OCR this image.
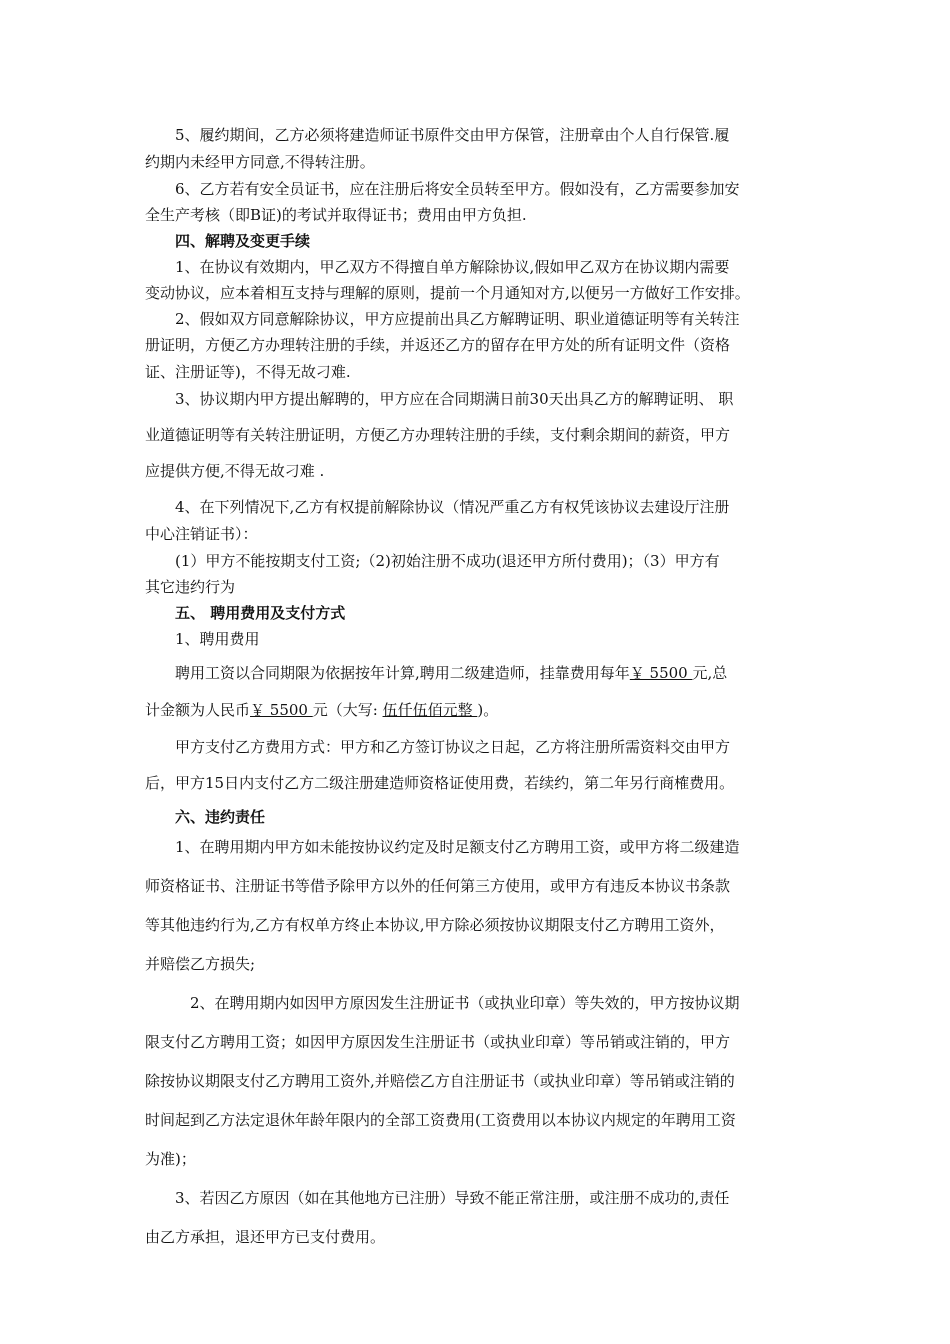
5、履约期间，乙方必须将建造师证书原件交由甲方保管，注册章由个人自行保管.履
约期内未经甲方同意,不得转注册。
6、乙方若有安全员证书，应在注册后将安全员转至甲方。假如没有，乙方需要参加安
全生产考核（即B证)的考试并取得证书；费用由甲方负担.
四、解聘及变更手续
1、在协议有效期内，甲乙双方不得擅自单方解除协议,假如甲乙双方在协议期内需要
变动协议，应本着相互支持与理解的原则，提前一个月通知对方,以便另一方做好工作安排。
2、假如双方同意解除协议，甲方应提前出具乙方解聘证明、职业道德证明等有关转注
册证明，方便乙方办理转注册的手续，并返还乙方的留存在甲方处的所有证明文件（资格
证、注册证等)，不得无故刁难.
3、协议期内甲方提出解聘的，甲方应在合同期满日前30天出具乙方的解聘证明、 职
业道德证明等有关转注册证明，方便乙方办理转注册的手续，支付剩余期间的薪资，甲方
应提供方便,不得无故刁难 .
4、在下列情况下,乙方有权提前解除协议（情况严重乙方有权凭该协议去建设厅注册
中心注销证书）：
(1）甲方不能按期支付工资;（2)初始注册不成功(退还甲方所付费用)；（3）甲方有
其它违约行为
五、 聘用费用及支付方式
1、聘用费用
聘用工资以合同期限为依据按年计算,聘用二级建造师，挂靠费用每年￥ 5500 元,总
计金额为人民币￥ 5500 元（大写: 伍仟伍佰元整 )。
甲方支付乙方费用方式：甲方和乙方签订协议之日起，乙方将注册所需资料交由甲方
后，甲方15日内支付乙方二级注册建造师资格证使用费，若续约，第二年另行商榷费用。
六、违约责任
1、在聘用期内甲方如未能按协议约定及时足额支付乙方聘用工资，或甲方将二级建造
师资格证书、注册证书等借予除甲方以外的任何第三方使用，或甲方有违反本协议书条款
等其他违约行为,乙方有权单方终止本协议,甲方除必须按协议期限支付乙方聘用工资外，
并赔偿乙方损失;
2、在聘用期内如因甲方原因发生注册证书（或执业印章）等失效的，甲方按协议期
限支付乙方聘用工资；如因甲方原因发生注册证书（或执业印章）等吊销或注销的，甲方
除按协议期限支付乙方聘用工资外,并赔偿乙方自注册证书（或执业印章）等吊销或注销的
时间起到乙方法定退休年龄年限内的全部工资费用(工资费用以本协议内规定的年聘用工资
为准)；
3、若因乙方原因（如在其他地方已注册）导致不能正常注册，或注册不成功的,责任
由乙方承担，退还甲方已支付费用。
